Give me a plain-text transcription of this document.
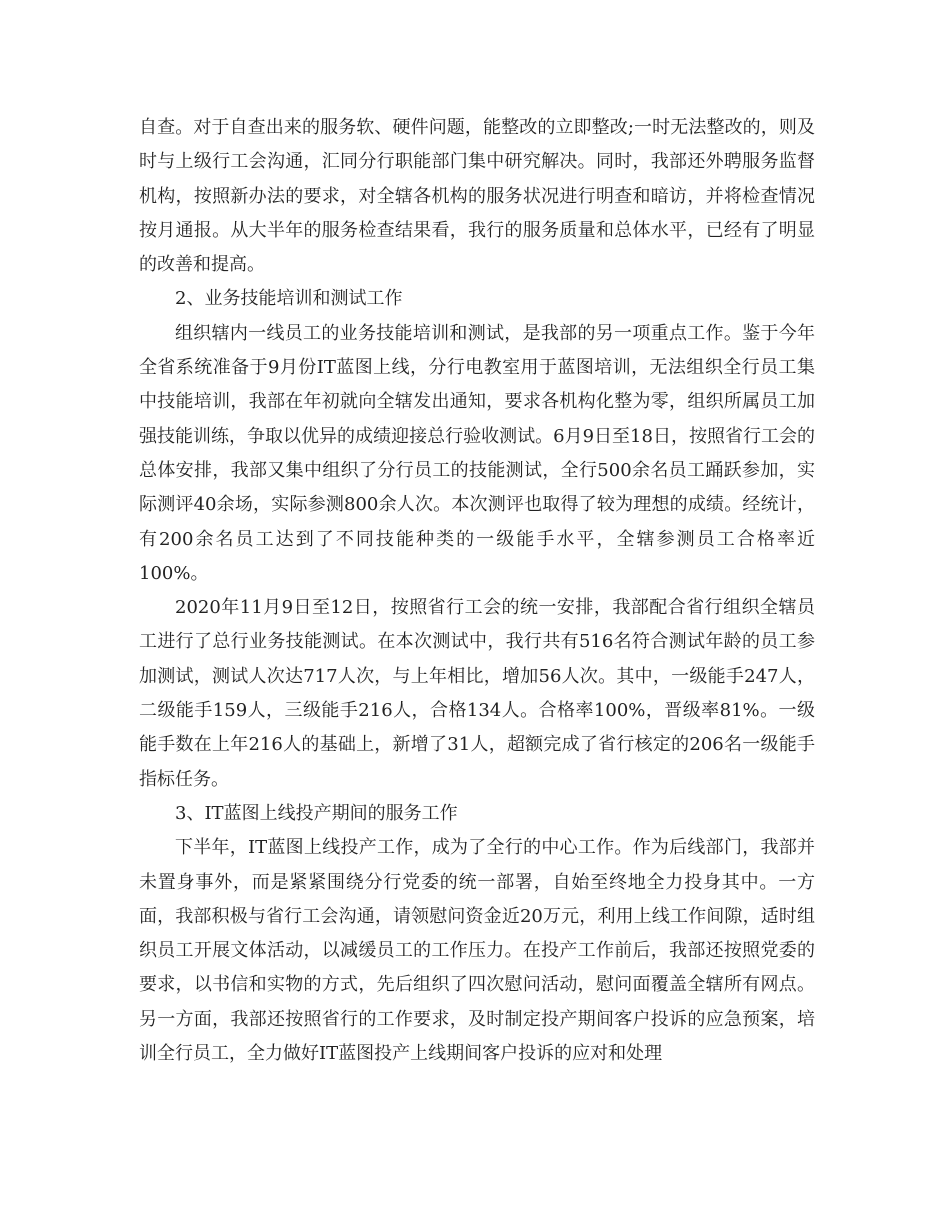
自查。对于自查出来的服务软、硬件问题，能整改的立即整改;一时无法整改的，则及时与上级行工会沟通，汇同分行职能部门集中研究解决。同时，我部还外聘服务监督机构，按照新办法的要求，对全辖各机构的服务状况进行明查和暗访，并将检查情况按月通报。从大半年的服务检查结果看，我行的服务质量和总体水平，已经有了明显的改善和提高。

2、业务技能培训和测试工作

组织辖内一线员工的业务技能培训和测试，是我部的另一项重点工作。鉴于今年全省系统准备于9月份IT蓝图上线，分行电教室用于蓝图培训，无法组织全行员工集中技能培训，我部在年初就向全辖发出通知，要求各机构化整为零，组织所属员工加强技能训练，争取以优异的成绩迎接总行验收测试。6月9日至18日，按照省行工会的总体安排，我部又集中组织了分行员工的技能测试，全行500余名员工踊跃参加，实际测评40余场，实际参测800余人次。本次测评也取得了较为理想的成绩。经统计，有200余名员工达到了不同技能种类的一级能手水平，全辖参测员工合格率近100%。

2020年11月9日至12日，按照省行工会的统一安排，我部配合省行组织全辖员工进行了总行业务技能测试。在本次测试中，我行共有516名符合测试年龄的员工参加测试，测试人次达717人次，与上年相比，增加56人次。其中，一级能手247人，二级能手159人，三级能手216人，合格134人。合格率100%，晋级率81%。一级能手数在上年216人的基础上，新增了31人，超额完成了省行核定的206名一级能手指标任务。

3、IT蓝图上线投产期间的服务工作

下半年，IT蓝图上线投产工作，成为了全行的中心工作。作为后线部门，我部并未置身事外，而是紧紧围绕分行党委的统一部署，自始至终地全力投身其中。一方面，我部积极与省行工会沟通，请领慰问资金近20万元，利用上线工作间隙，适时组织员工开展文体活动，以减缓员工的工作压力。在投产工作前后，我部还按照党委的要求，以书信和实物的方式，先后组织了四次慰问活动，慰问面覆盖全辖所有网点。另一方面，我部还按照省行的工作要求，及时制定投产期间客户投诉的应急预案，培训全行员工，全力做好IT蓝图投产上线期间客户投诉的应对和处理
